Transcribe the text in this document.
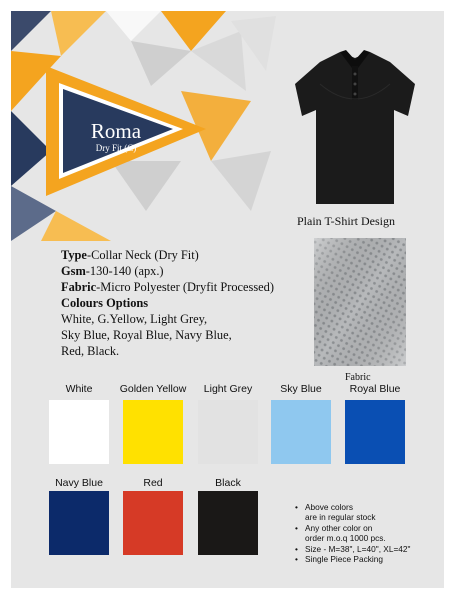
Roma
Dry Fit (C)
Plain T-Shirt Design
Fabric
Type-Collar Neck (Dry Fit)
Gsm-130-140 (apx.)
Fabric-Micro Polyester (Dryfit Processed)
Colours Options
White, G.Yellow, Light Grey,
Sky Blue, Royal Blue, Navy Blue,
Red, Black.
White	Golden Yellow	Light Grey	Sky Blue	Royal Blue
Navy Blue	Red	Black
• Above colors
are in regular stock
• Any other color on
order m.o.q 1000 pcs.
• Size - M=38", L=40", XL=42"
• Single Piece Packing
